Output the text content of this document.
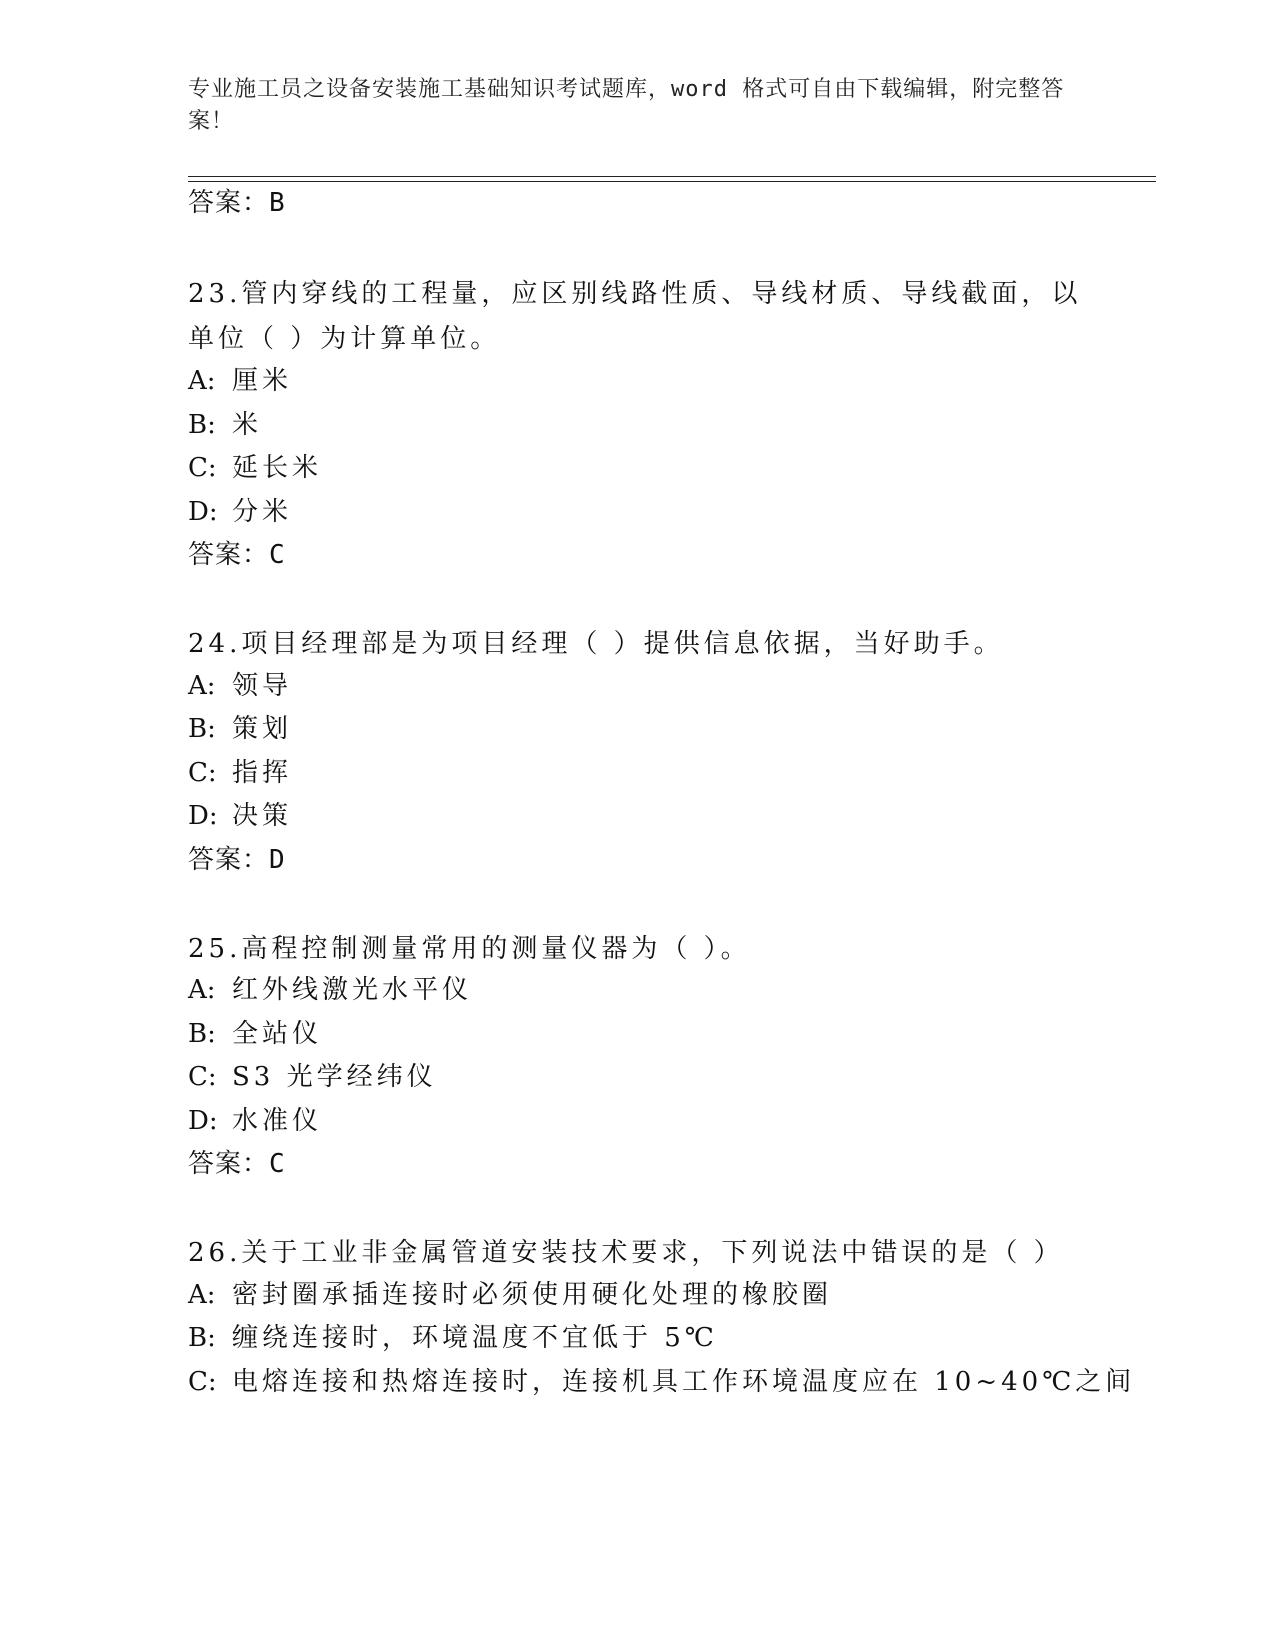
专业施工员之设备安装施工基础知识考试题库，word 格式可自由下载编辑，附完整答案！
答案：B
23.管内穿线的工程量，应区别线路性质、导线材质、导线截面，以单位（ ）为计算单位。
A: 厘米
B: 米
C: 延长米
D: 分米
答案：C
24.项目经理部是为项目经理（ ）提供信息依据，当好助手。
A: 领导
B: 策划
C: 指挥
D: 决策
答案：D
25.高程控制测量常用的测量仪器为（ ）。
A: 红外线激光水平仪
B: 全站仪
C: S3 光学经纬仪
D: 水准仪
答案：C
26.关于工业非金属管道安装技术要求，下列说法中错误的是（ ）
A: 密封圈承插连接时必须使用硬化处理的橡胶圈
B: 缠绕连接时，环境温度不宜低于 5℃
C: 电熔连接和热熔连接时，连接机具工作环境温度应在 10~40℃之间
